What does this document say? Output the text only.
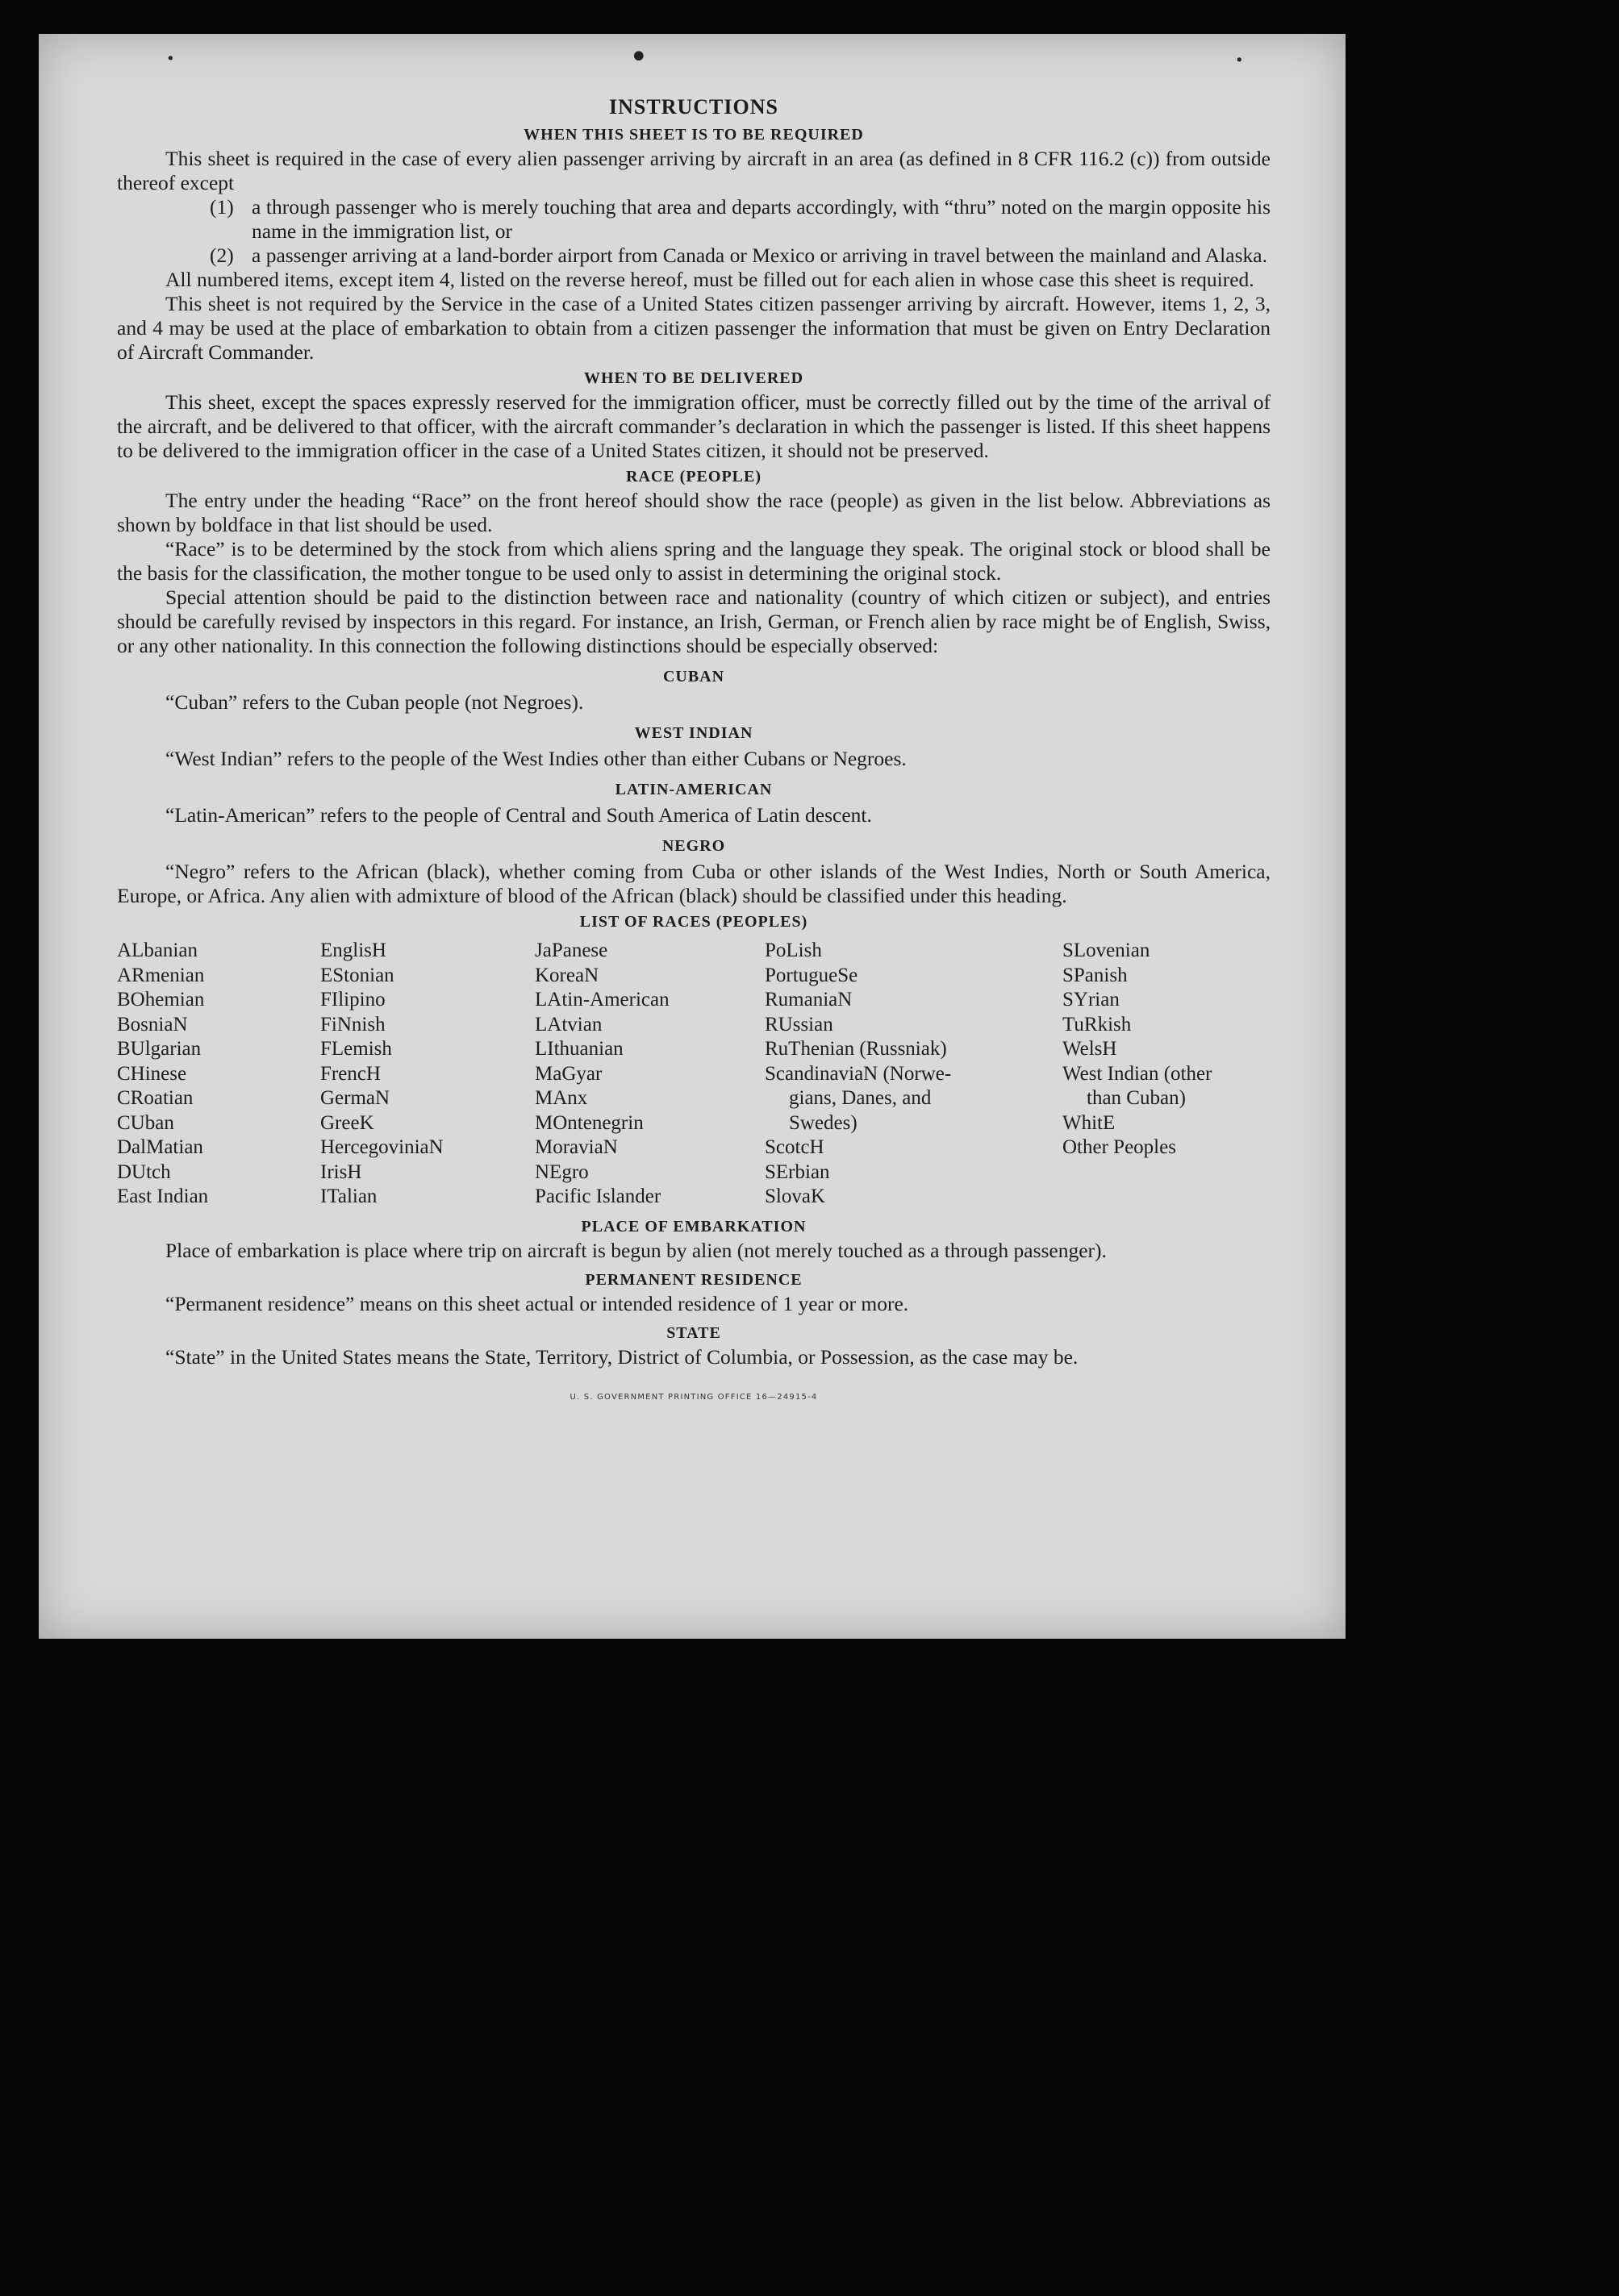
·	•	·
INSTRUCTIONS
WHEN THIS SHEET IS TO BE REQUIRED

This sheet is required in the case of every alien passenger arriving by aircraft in an area (as defined in 8 CFR 116.2 (c)) from outside thereof except

(1) a through passenger who is merely touching that area and departs accordingly, with “thru” noted on the margin opposite his name in the immigration list, or
(2) a passenger arriving at a land-border airport from Canada or Mexico or arriving in travel between the mainland and Alaska.

All numbered items, except item 4, listed on the reverse hereof, must be filled out for each alien in whose case this sheet is required.

This sheet is not required by the Service in the case of a United States citizen passenger arriving by aircraft. However, items 1, 2, 3, and 4 may be used at the place of embarkation to obtain from a citizen passenger the information that must be given on Entry Declaration of Aircraft Commander.

WHEN TO BE DELIVERED

This sheet, except the spaces expressly reserved for the immigration officer, must be correctly filled out by the time of the arrival of the aircraft, and be delivered to that officer, with the aircraft commander’s declaration in which the passenger is listed. If this sheet happens to be delivered to the immigration officer in the case of a United States citizen, it should not be preserved.

RACE (PEOPLE)

The entry under the heading “Race” on the front hereof should show the race (people) as given in the list below. Abbreviations as shown by boldface in that list should be used.

“Race” is to be determined by the stock from which aliens spring and the language they speak. The original stock or blood shall be the basis for the classification, the mother tongue to be used only to assist in determining the original stock.

Special attention should be paid to the distinction between race and nationality (country of which citizen or subject), and entries should be carefully revised by inspectors in this regard. For instance, an Irish, German, or French alien by race might be of English, Swiss, or any other nationality. In this connection the following distinctions should be especially observed:

CUBAN

“Cuban” refers to the Cuban people (not Negroes).

WEST INDIAN

“West Indian” refers to the people of the West Indies other than either Cubans or Negroes.

LATIN-AMERICAN

“Latin-American” refers to the people of Central and South America of Latin descent.

NEGRO

“Negro” refers to the African (black), whether coming from Cuba or other islands of the West Indies, North or South America, Europe, or Africa. Any alien with admixture of blood of the African (black) should be classified under this heading.

LIST OF RACES (PEOPLES)
ALbanian
ARmenian
BOhemian
BosniaN
BUlgarian
CHinese
CRoatian
CUban
DalMatian
DUtch
East Indian
EnglisH
EStonian
FIlipino
FiNnish
FLemish
FrencH
GermaN
GreeK
HercegoviniaN
IrisH
ITalian
JaPanese
KoreaN
LAtin-American
LAtvian
LIthuanian
MaGyar
MAnx
MOntenegrin
MoraviaN
NEgro
Pacific Islander
PoLish
PortugueSe
RumaniaN
RUssian
RuThenian (Russniak)
ScandinaviaN (Norwe-
gians, Danes, and
Swedes)
ScotcH
SErbian
SlovaK
SLovenian
SPanish
SYrian
TuRkish
WelsH
West Indian (other
than Cuban)
WhitE
Other Peoples
PLACE OF EMBARKATION

Place of embarkation is place where trip on aircraft is begun by alien (not merely touched as a through passenger).

PERMANENT RESIDENCE

“Permanent residence” means on this sheet actual or intended residence of 1 year or more.

STATE

“State” in the United States means the State, Territory, District of Columbia, or Possession, as the case may be.

U. S. GOVERNMENT PRINTING OFFICE 16—24915-4
